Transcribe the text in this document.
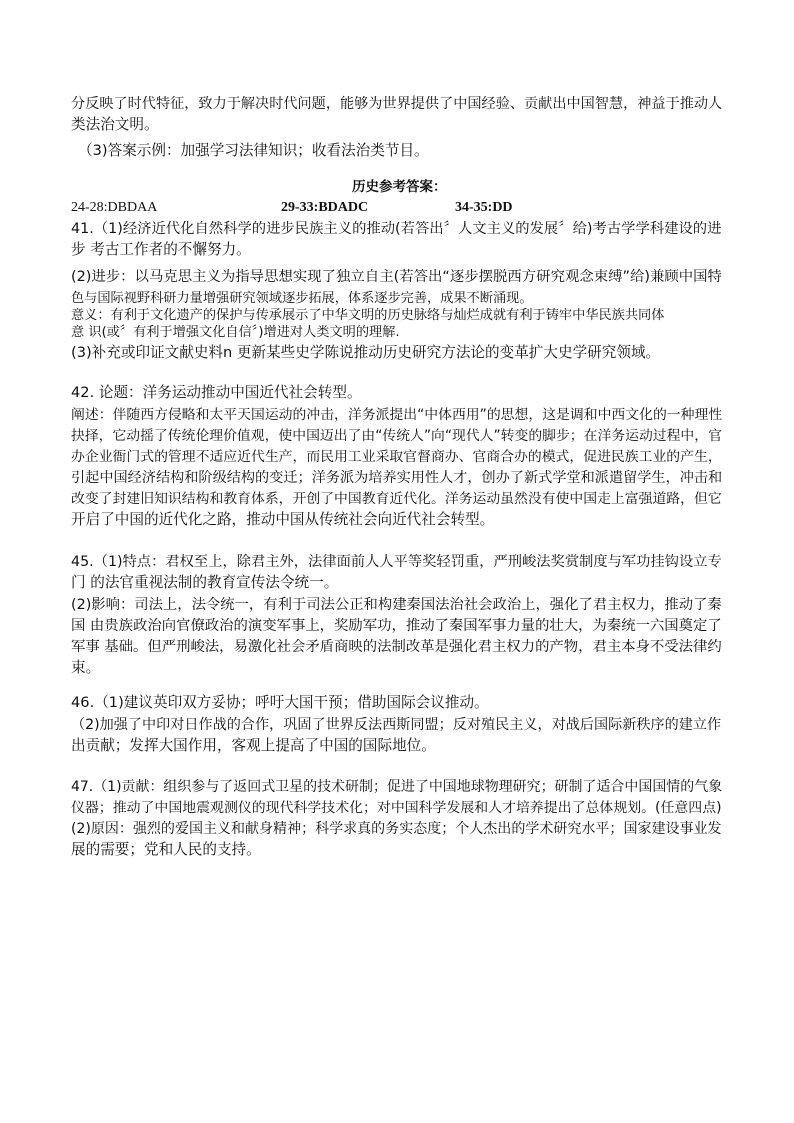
分反映了时代特征，致力于解决时代问题，能够为世界提供了中国经验、贡献出中国智慧，神益于推动人
类法治文明。
（3)答案示例：加强学习法律知识；收看法治类节目。
历史参考答案：
24-28:DBDAA	29-33:BDADC	34-35:DD
41.（1)经济近代化自然科学的进步民族主义的推动(若答出〞人文主义的发展〞给)考古学学科建设的进
步 考古工作者的不懈努力。
(2)进步：以马克思主义为指导思想实现了独立自主(若答出“逐步摆脱西方研究观念束缚”给)兼顾中国特
色与国际视野科研力量增强研究领域逐步拓展，体系逐步完善，成果不断涌现。
意义：有利于文化遗产的保护与传承展示了中华文明的历史脉络与灿烂成就有利于铸牢中华民族共同体
意 识(或〞有利于增强文化自信〞)增进对人类文明的理解.
(3)补充或印证文献史料n 更新某些史学陈说推动历史研究方法论的变革扩大史学研究领域。
42. 论题：洋务运动推动中国近代社会转型。
阐述：伴随西方侵略和太平天国运动的冲击，洋务派提出“中体西用”的思想，这是调和中西文化的一种理性
抉择，它动摇了传统伦理价值观，使中国迈出了由“传统人”向“现代人”转变的脚步；在洋务运动过程中，官
办企业衙门式的管理不适应近代生产，而民用工业采取官督商办、官商合办的模式，促进民族工业的产生，
引起中国经济结构和阶级结构的变迁；洋务派为培养实用性人才，创办了新式学堂和派遣留学生，冲击和
改变了封建旧知识结构和教育体系，开创了中国教育近代化。洋务运动虽然没有使中国走上富强道路，但它
开启了中国的近代化之路，推动中国从传统社会向近代社会转型。
45.（1)特点：君权至上，除君主外，法律面前人人平等奖轻罚重，严刑峻法奖赏制度与军功挂钩设立专
门 的法官重视法制的教育宣传法令统一。
(2)影响：司法上，法令统一，有利于司法公正和构建秦国法治社会政治上，强化了君主权力，推动了秦
国 由贵族政治向官僚政治的演变军事上，奖励军功，推动了秦国军事力量的壮大，为秦统一六国奠定了
军事 基础。但严刑峻法，易激化社会矛盾商映的法制改革是强化君主权力的产物，君主本身不受法律约
束。
46.（1)建议英印双方妥协；呼吁大国干预；借助国际会议推动。
（2)加强了中印对日作战的合作，巩固了世界反法西斯同盟；反对殖民主义，对战后国际新秩序的建立作
出贡献；发挥大国作用，客观上提高了中国的国际地位。
47.（1)贡献：组织参与了返回式卫星的技术研制；促进了中国地球物理研究；研制了适合中国国情的气象
仪器；推动了中国地震观测仪的现代科学技术化；对中国科学发展和人才培养提出了总体规划。(任意四点)
(2)原因：强烈的爱国主义和献身精神；科学求真的务实态度；个人杰出的学术研究水平；国家建设事业发
展的需要；党和人民的支持。
